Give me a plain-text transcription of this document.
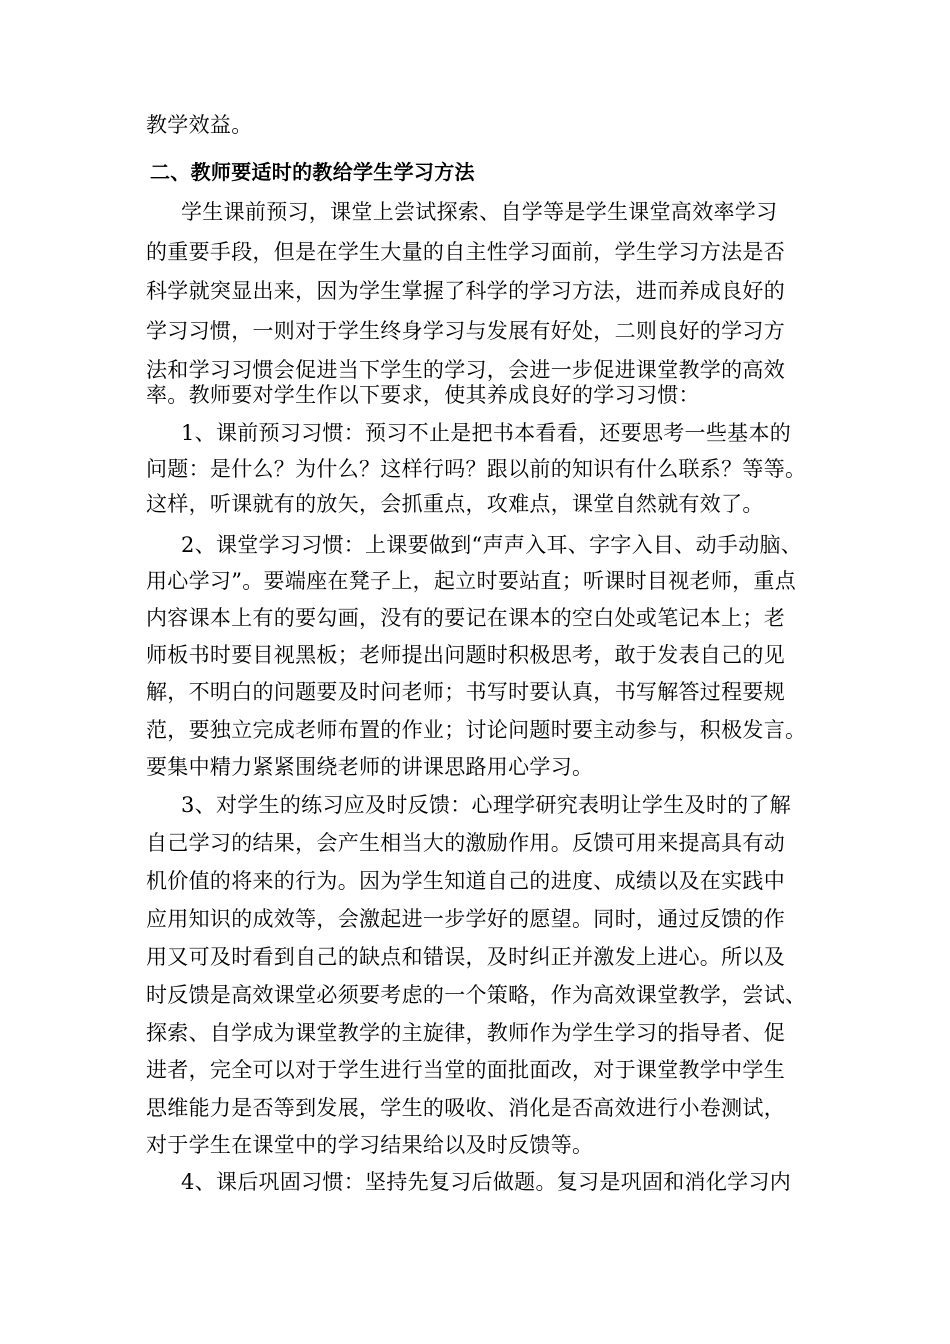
教学效益。
二、教师要适时的教给学生学习方法
学生课前预习，课堂上尝试探索、自学等是学生课堂高效率学习
的重要手段，但是在学生大量的自主性学习面前，学生学习方法是否
科学就突显出来，因为学生掌握了科学的学习方法，进而养成良好的
学习习惯，一则对于学生终身学习与发展有好处，二则良好的学习方
法和学习习惯会促进当下学生的学习，会进一步促进课堂教学的高效
率。教师要对学生作以下要求，使其养成良好的学习习惯：
1、课前预习习惯：预习不止是把书本看看，还要思考一些基本的
问题：是什么？为什么？这样行吗？跟以前的知识有什么联系？等等。
这样，听课就有的放矢，会抓重点，攻难点，课堂自然就有效了。
2、课堂学习习惯：上课要做到“声声入耳、字字入目、动手动脑、
用心学习”。要端座在凳子上，起立时要站直；听课时目视老师，重点
内容课本上有的要勾画，没有的要记在课本的空白处或笔记本上；老
师板书时要目视黑板；老师提出问题时积极思考，敢于发表自己的见
解，不明白的问题要及时问老师；书写时要认真，书写解答过程要规
范，要独立完成老师布置的作业；讨论问题时要主动参与，积极发言。
要集中精力紧紧围绕老师的讲课思路用心学习。
3、对学生的练习应及时反馈：心理学研究表明让学生及时的了解
自己学习的结果，会产生相当大的激励作用。反馈可用来提高具有动
机价值的将来的行为。因为学生知道自己的进度、成绩以及在实践中
应用知识的成效等，会激起进一步学好的愿望。同时，通过反馈的作
用又可及时看到自己的缺点和错误，及时纠正并激发上进心。所以及
时反馈是高效课堂必须要考虑的一个策略，作为高效课堂教学，尝试、
探索、自学成为课堂教学的主旋律，教师作为学生学习的指导者、促
进者，完全可以对于学生进行当堂的面批面改，对于课堂教学中学生
思维能力是否等到发展，学生的吸收、消化是否高效进行小卷测试，
对于学生在课堂中的学习结果给以及时反馈等。
4、课后巩固习惯：坚持先复习后做题。复习是巩固和消化学习内
